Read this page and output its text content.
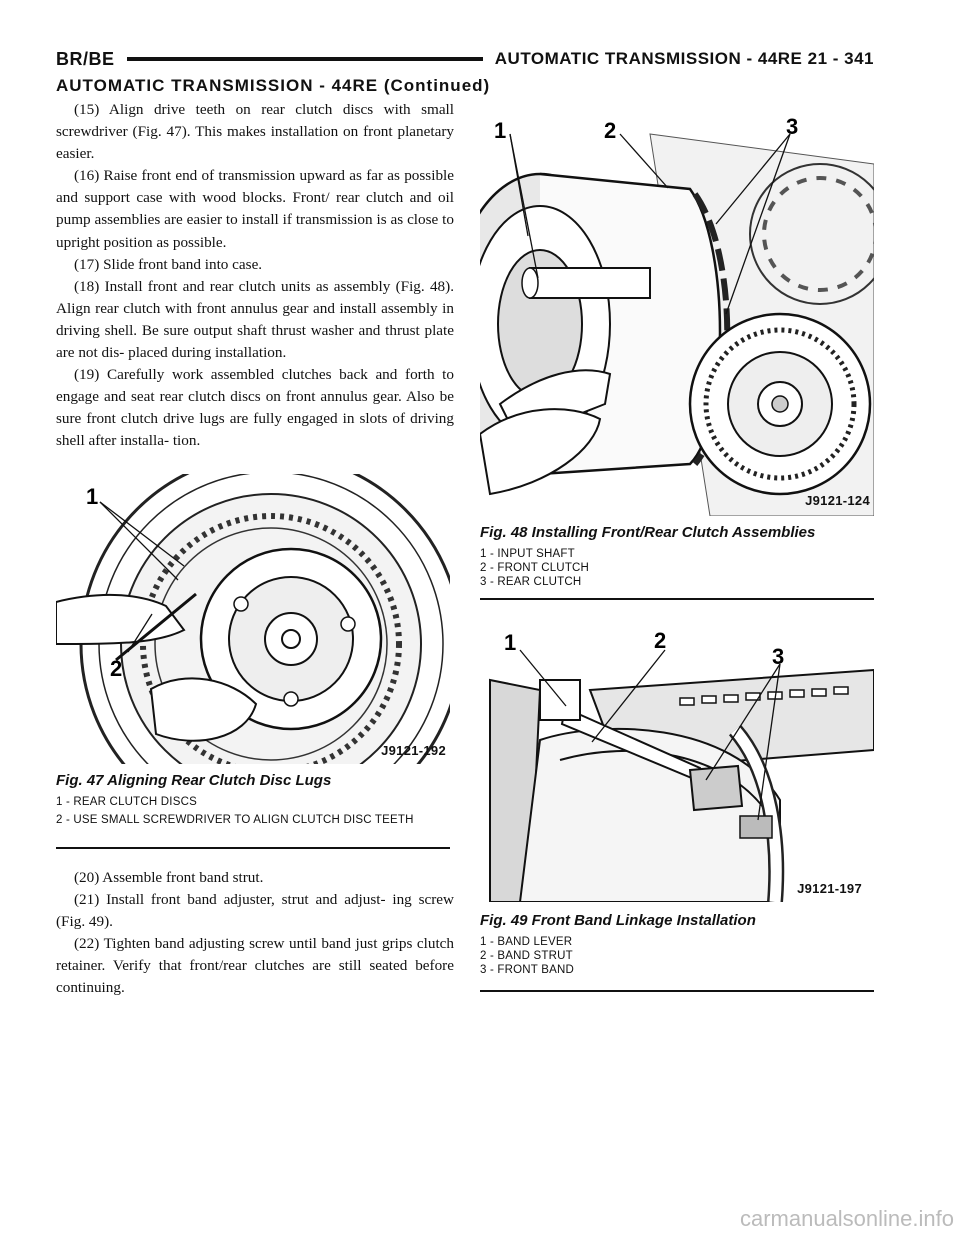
BR/BE	AUTOMATIC TRANSMISSION - 44RE 21 - 341
AUTOMATIC TRANSMISSION - 44RE (Continued)

(15) Align drive teeth on rear clutch discs with small screwdriver (Fig. 47). This makes installation on front planetary easier.

(16) Raise front end of transmission upward as far as possible and support case with wood blocks. Front/ rear clutch and oil pump assemblies are easier to install if transmission is as close to upright position as possible.

(17) Slide front band into case.

(18) Install front and rear clutch units as assembly (Fig. 48). Align rear clutch with front annulus gear and install assembly in driving shell. Be sure output shaft thrust washer and thrust plate are not dis- placed during installation.

(19) Carefully work assembled clutches back and forth to engage and seat rear clutch discs on front annulus gear. Also be sure front clutch drive lugs are fully engaged in slots of driving shell after installa- tion.

1
2
J9121-192
Fig. 47 Aligning Rear Clutch Disc Lugs
1 - REAR CLUTCH DISCS
2 - USE SMALL SCREWDRIVER TO ALIGN CLUTCH DISC TEETH

(20) Assemble front band strut.

(21) Install front band adjuster, strut and adjust- ing screw (Fig. 49).

(22) Tighten band adjusting screw until band just grips clutch retainer. Verify that front/rear clutches are still seated before continuing.

1	2	3
J9121-124
Fig. 48 Installing Front/Rear Clutch Assemblies
1 - INPUT SHAFT
2 - FRONT CLUTCH
3 - REAR CLUTCH
1	2
3
J9121-197
Fig. 49 Front Band Linkage Installation
1 - BAND LEVER
2 - BAND STRUT
3 - FRONT BAND
carmanualsonline.info
